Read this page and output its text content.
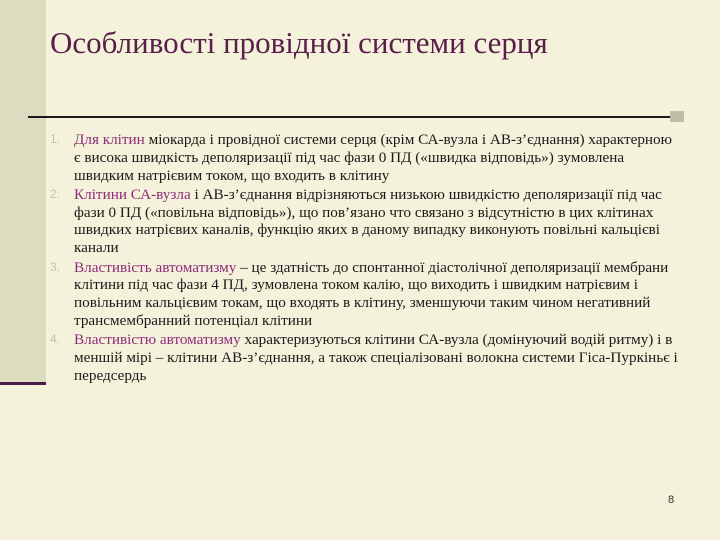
Особливості провідної системи серця
1. Для клітин міокарда і провідної системи серця (крім СА-вузла і АВ-з’єднання) характерною є висока швидкість деполяризації під час фази 0 ПД («швидка відповідь») зумовлена швидким натрієвим током, що входить в клітину
2. Клітини СА-вузла і АВ-з’єднання відрізняються низькою швидкістю деполяризації під час фази 0 ПД («повільна відповідь»), що пов’язано что связано з відсутністю в цих клітинах швидких натрієвих каналів, функцію яких в даному випадку виконують повільні кальцієві канали
3. Властивість автоматизму – це здатність до спонтанної діастолічної деполяризації мембрани клітини під час фази 4 ПД, зумовлена током калію, що виходить і швидким натрієвим і повільним кальцієвим токам, що входять в клітину, зменшуючи таким чином негативний трансмембранний потенціал клітини
4. Властивістю автоматизму характеризуються клітини СА-вузла (домінуючий водій ритму) і в меншій мірі – клітини АВ-з’єднання, а також спеціалізовані волокна системи Гіса-Пуркіньє і передсердь
8
